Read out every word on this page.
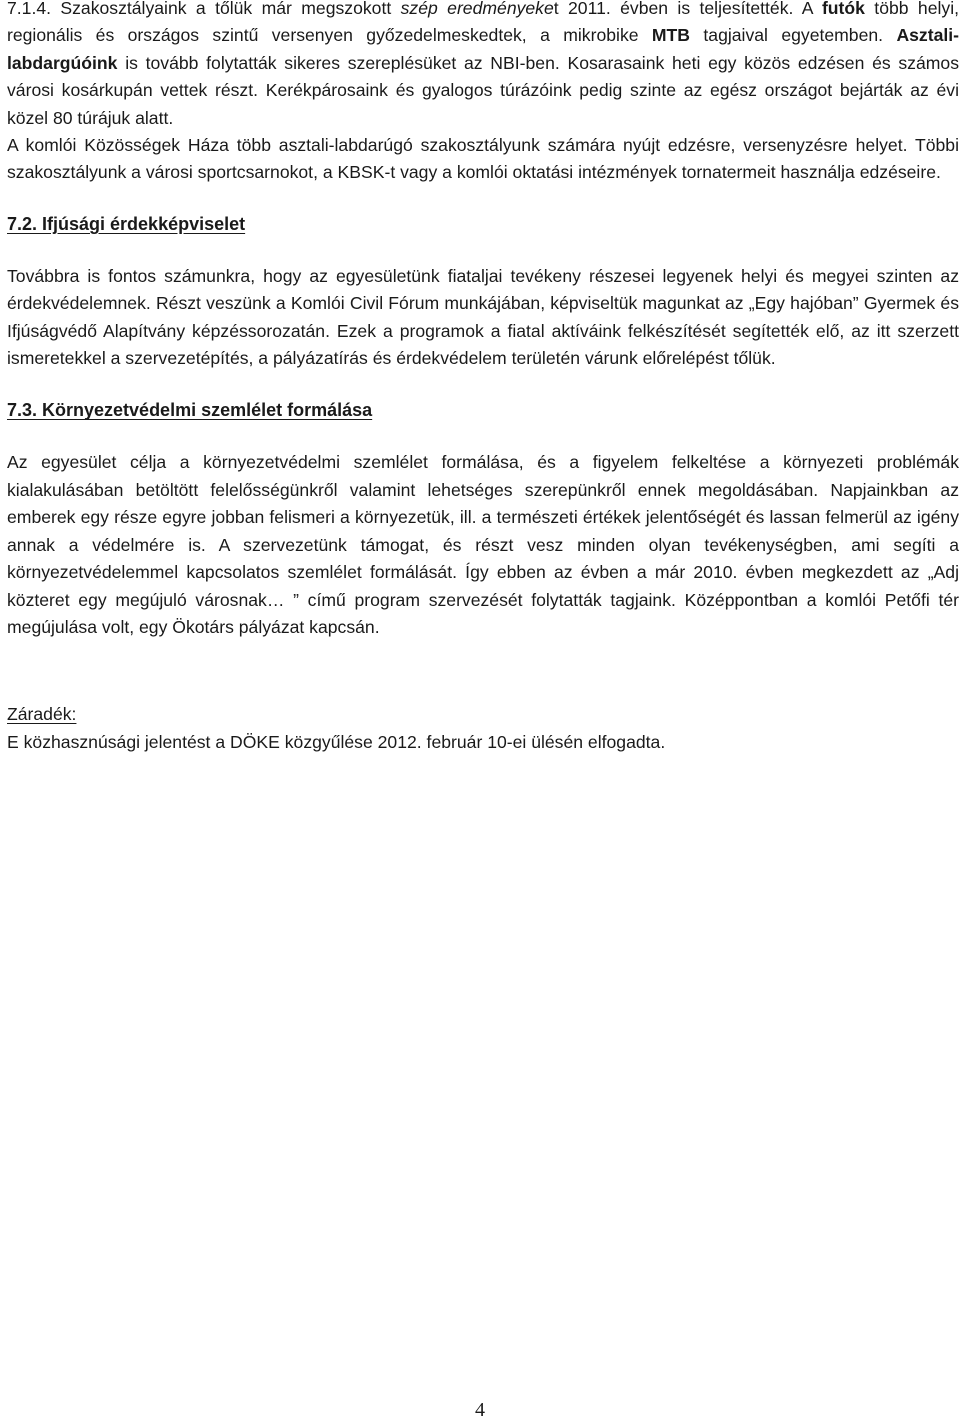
7.1.4. Szakosztályaink a tőlük már megszokott szép eredményeket 2011. évben is teljesítették. A futók több helyi, regionális és országos szintű versenyen győzedelmeskedtek, a mikrobike MTB tagjaival egyetemben. Asztali-labdargúóink is tovább folytatták sikeres szereplésüket az NBI-ben. Kosarasaink heti egy közös edzésen és számos városi kosárkupán vettek részt. Kerékpárosaink és gyalogos túrázóink pedig szinte az egész országot bejárták az évi közel 80 túrájuk alatt.

A komlói Közösségek Háza több asztali-labdarúgó szakosztályunk számára nyújt edzésre, versenyzésre helyet. Többi szakosztályunk a városi sportcsarnokot, a KBSK-t vagy a komlói oktatási intézmények tornatermeit használja edzéseire.

7.2. Ifjúsági érdekképviselet

Továbbra is fontos számunkra, hogy az egyesületünk fiataljai tevékeny részesei legyenek helyi és megyei szinten az érdekvédelemnek. Részt veszünk a Komlói Civil Fórum munkájában, képviseltük magunkat az „Egy hajóban” Gyermek és Ifjúságvédő Alapítvány képzéssorozatán. Ezek a programok a fiatal aktíváink felkészítését segítették elő, az itt szerzett ismeretekkel a szervezetépítés, a pályázatírás és érdekvédelem területén várunk előrelépést tőlük.

7.3. Környezetvédelmi szemlélet formálása

Az egyesület célja a környezetvédelmi szemlélet formálása, és a figyelem felkeltése a környezeti problémák kialakulásában betöltött felelősségünkről valamint lehetséges szerepünkről ennek megoldásában. Napjainkban az emberek egy része egyre jobban felismeri a környezetük, ill. a természeti értékek jelentőségét és lassan felmerül az igény annak a védelmére is. A szervezetünk támogat, és részt vesz minden olyan tevékenységben, ami segíti a környezetvédelemmel kapcsolatos szemlélet formálását. Így ebben az évben a már 2010. évben megkezdett az „Adj közteret egy megújuló városnak… ” című program szervezését folytatták tagjaink. Középpontban a komlói Petőfi tér megújulása volt, egy Ökotárs pályázat kapcsán.

Záradék:

E közhasznúsági jelentést a DÖKE közgyűlése 2012. február 10-ei ülésén elfogadta.

4
